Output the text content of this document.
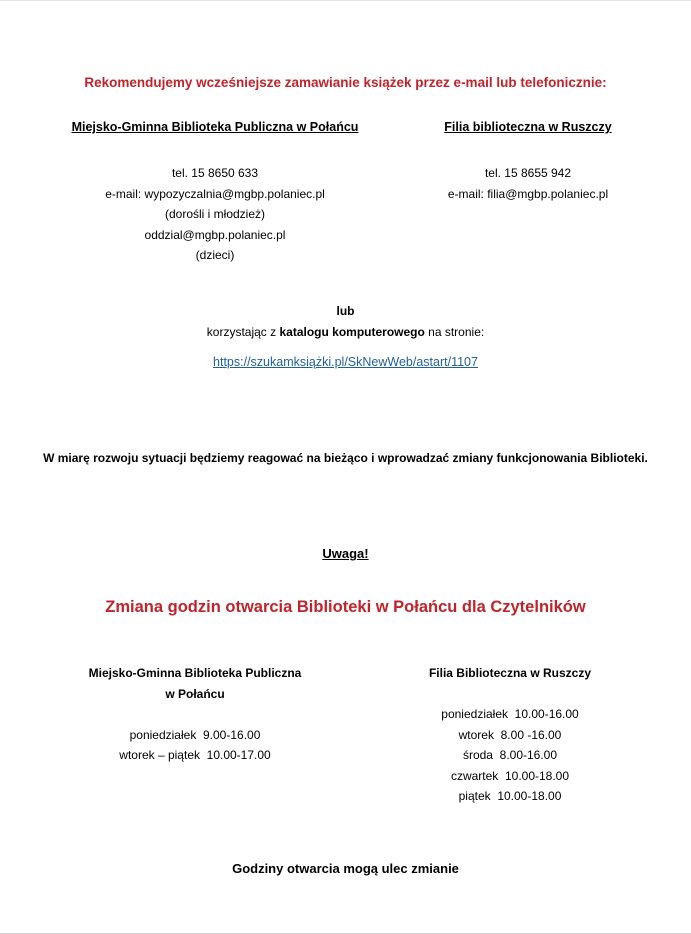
Rekomendujemy wcześniejsze zamawianie książek przez e-mail lub telefonicznie:
Miejsko-Gminna Biblioteka Publiczna w Połańcu	Filia biblioteczna w Ruszczy
tel. 15 8650 633
e-mail: wypozyczalnia@mgbp.polaniec.pl
(dorośli i młodzież)
oddzial@mgbp.polaniec.pl
(dzieci)
tel. 15 8655 942
e-mail: filia@mgbp.polaniec.pl
lub
korzystając z katalogu komputerowego na stronie:
https://szukamksiążki.pl/SkNewWeb/astart/1107
W miarę rozwoju sytuacji będziemy reagować na bieżąco i wprowadzać zmiany funkcjonowania Biblioteki.
Uwaga!
Zmiana godzin otwarcia Biblioteki w Połańcu dla Czytelników
Miejsko-Gminna Biblioteka Publiczna
w Połańcu
poniedziałek  9.00-16.00
wtorek – piątek  10.00-17.00
Filia Biblioteczna w Ruszczy
poniedziałek  10.00-16.00
wtorek  8.00 -16.00
środa  8.00-16.00
czwartek  10.00-18.00
piątek  10.00-18.00
Godziny otwarcia mogą ulec zmianie
